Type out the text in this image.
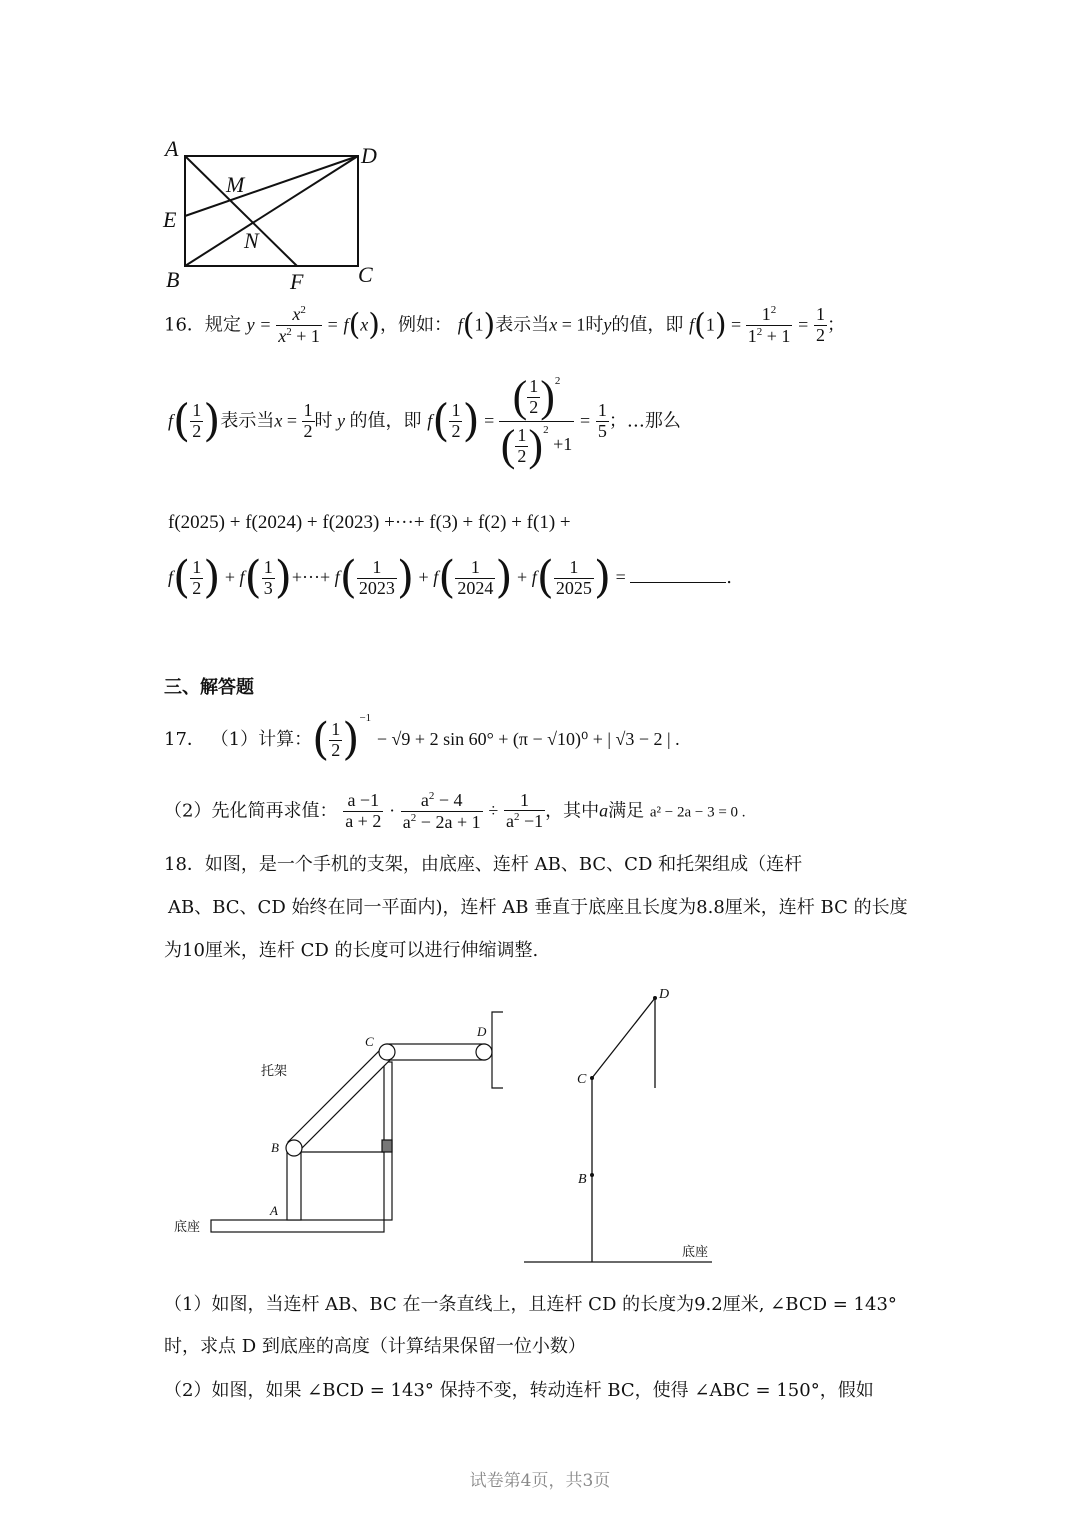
A	D
M
E
N
B	F C
16．规定 $y = \frac{x^2}{x^2 + 1} = f(x)$，例如： f(1)表示当x = 1时y的值，即 $f(1) = \frac{1^2}{1^2 + 1} = \frac{1}{2}$ ；
$f( \frac{1}{2}$ )表示当$x = \frac{1}{2}$ 时 y 的值，即 $f( \frac{1}{2}$ ) = $\frac{( \frac{1}{2} )^2}{( \frac{1}{2} )^2 +1} = \frac{1}{5}$ ；…那么
f(2025) + f(2024) + f(2023) +···+ f(3) + f(2) + f(1) +
$f( \frac{1}{2}$ ) + $f( \frac{1}{3}$ )+···+ $f( \frac{1}{2023}$ ) + $f( \frac{1}{2024}$ ) + $f( \frac{1}{2025}$ ) =	.
三、解答题
17． （1）计算：( $\frac{1}{2} )^{-1} - √9 + 2$ sin 60° + (π − √10)⁰ + | √3 − 2 | .
（2）先化简再求值： $\frac{a -1}{a + 2} \cdot \frac{a^2 - 4}{a^2 - 2a + 1} \div \frac{1}{a^2 -1}$ ，其中a满足 a² − 2a − 3 = 0 .
18．如图，是一个手机的支架，由底座、连杆 AB、BC、CD 和托架组成（连杆
AB、BC、CD 始终在同一平面内)，连杆 AB 垂直于底座且长度为8.8厘米，连杆 BC 的长度
为10厘米，连杆 CD 的长度可以进行伸缩调整.
托架
底座
A
B
C
D
B
C
D
底座
（1）如图，当连杆 AB、BC 在一条直线上，且连杆 CD 的长度为9.2厘米, ∠BCD = 143°
时，求点 D 到底座的高度（计算结果保留一位小数）
（2）如图，如果 ∠BCD = 143° 保持不变，转动连杆 BC，使得 ∠ABC = 150°，假如
试卷第4页，共3页
